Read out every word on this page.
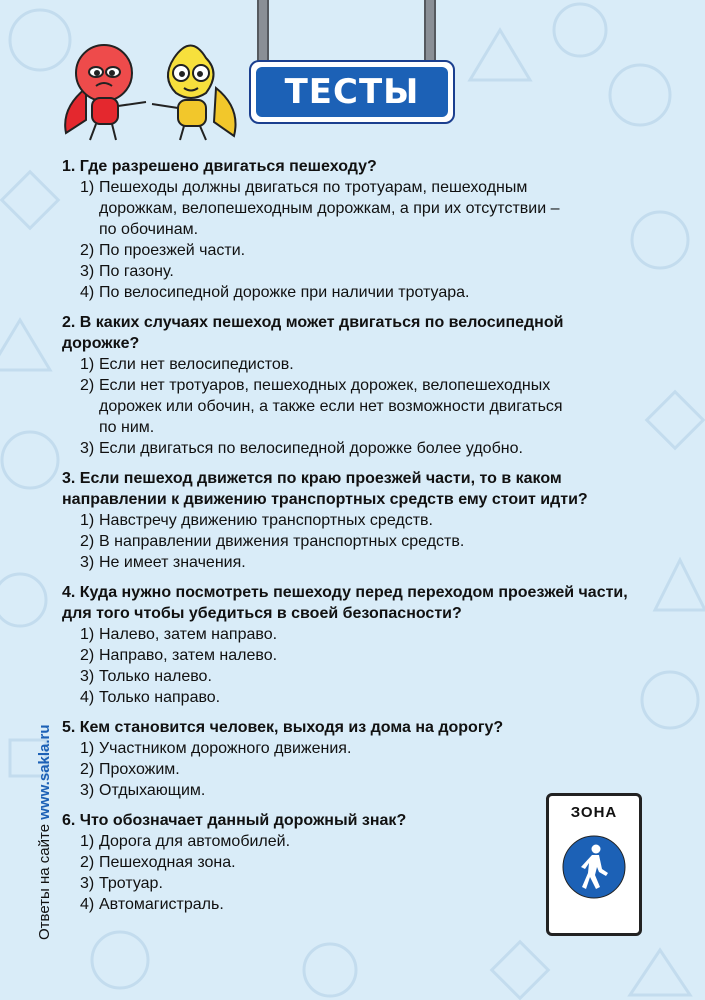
ТЕСТЫ
1. Где разрешено двигаться пешеходу?
1) Пешеходы должны двигаться по тротуарам, пешеходным
дорожкам, велопешеходным дорожкам, а при их отсутствии –
по обочинам.
2) По проезжей части.
3) По газону.
4) По велосипедной дорожке при наличии тротуара.
2. В каких случаях пешеход может двигаться по велосипедной дорожке?
1) Если нет велосипедистов.
2) Если нет тротуаров, пешеходных дорожек, велопешеходных
дорожек или обочин, а также если нет возможности двигаться
по ним.
3) Если двигаться по велосипедной дорожке более удобно.
3. Если пешеход движется по краю проезжей части, то в каком направлении к движению транспортных средств ему стоит идти?
1) Навстречу движению транспортных средств.
2) В направлении движения транспортных средств.
3) Не имеет значения.
4. Куда нужно посмотреть пешеходу перед переходом проезжей части, для того чтобы убедиться в своей безопасности?
1) Налево, затем направо.
2) Направо, затем налево.
3) Только налево.
4) Только направо.
5. Кем становится человек, выходя из дома на дорогу?
1) Участником дорожного движения.
2) Прохожим.
3) Отдыхающим.
6. Что обозначает данный дорожный знак?
1) Дорога для автомобилей.
2) Пешеходная зона.
3) Тротуар.
4) Автомагистраль.
Ответы на сайте www.sakla.ru	ЗОНА
